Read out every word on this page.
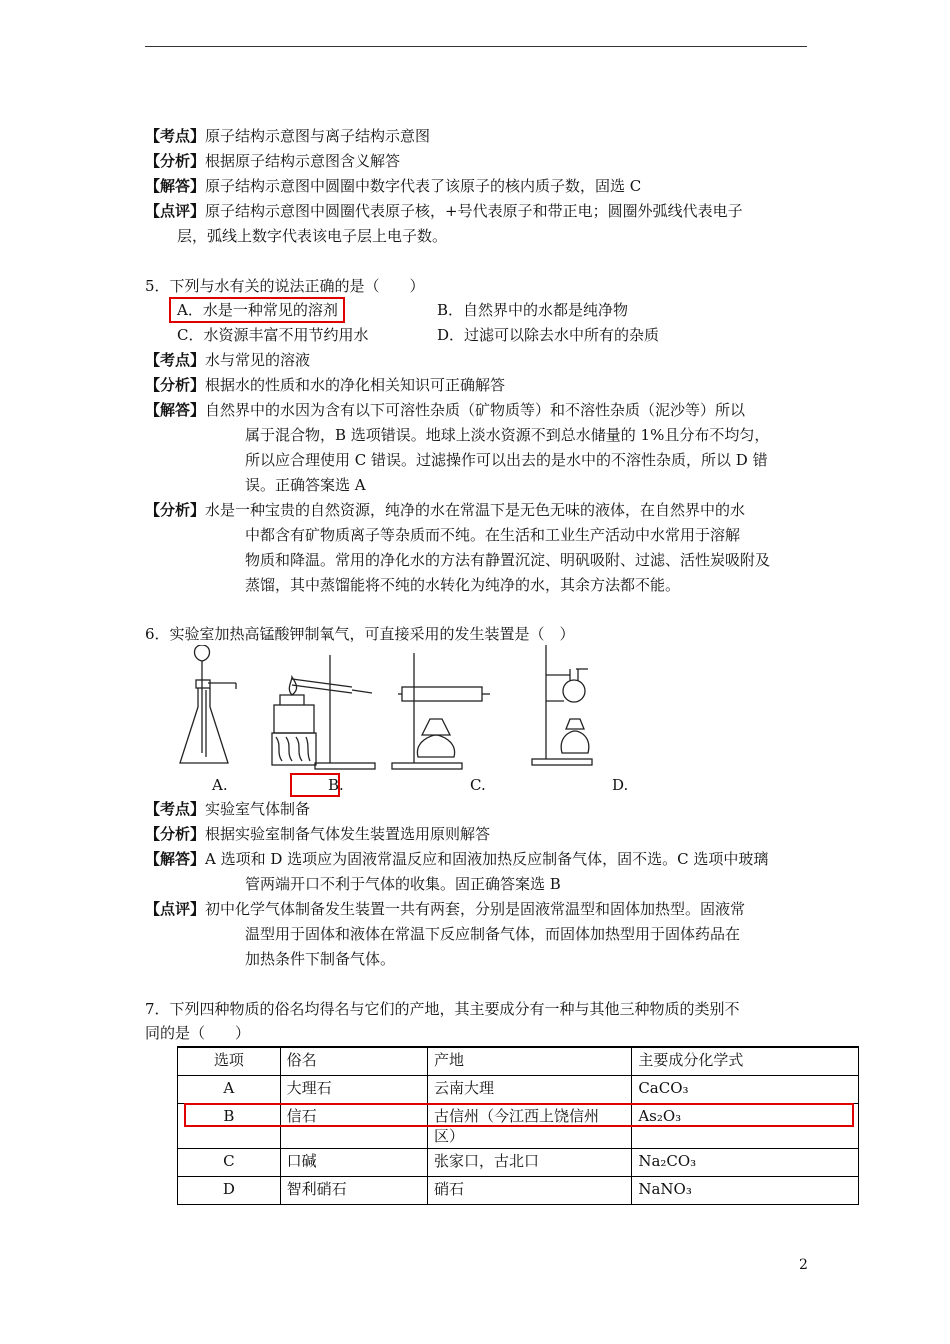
【考点】原子结构示意图与离子结构示意图
【分析】根据原子结构示意图含义解答
【解答】原子结构示意图中圆圈中数字代表了该原子的核内质子数，固选 C
【点评】原子结构示意图中圆圈代表原子核，+号代表原子和带正电；圆圈外弧线代表电子
层，弧线上数字代表该电子层上电子数。
5．下列与水有关的说法正确的是（　　）
A．水是一种常见的溶剂	B．自然界中的水都是纯净物
C．水资源丰富不用节约用水	D．过滤可以除去水中所有的杂质
【考点】水与常见的溶液
【分析】根据水的性质和水的净化相关知识可正确解答
【解答】自然界中的水因为含有以下可溶性杂质（矿物质等）和不溶性杂质（泥沙等）所以
属于混合物，B 选项错误。地球上淡水资源不到总水储量的 1%且分布不均匀，
所以应合理使用 C 错误。过滤操作可以出去的是水中的不溶性杂质，所以 D 错
误。正确答案选 A
【分析】水是一种宝贵的自然资源，纯净的水在常温下是无色无味的液体，在自然界中的水
中都含有矿物质离子等杂质而不纯。在生活和工业生产活动中水常用于溶解
物质和降温。常用的净化水的方法有静置沉淀、明矾吸附、过滤、活性炭吸附及
蒸馏，其中蒸馏能将不纯的水转化为纯净的水，其余方法都不能。
6．实验室加热高锰酸钾制氧气，可直接采用的发生装置是（　）
A.	B.	C.	D.
【考点】实验室气体制备
【分析】根据实验室制备气体发生装置选用原则解答
【解答】A 选项和 D 选项应为固液常温反应和固液加热反应制备气体，固不选。C 选项中玻璃
管两端开口不利于气体的收集。固正确答案选 B
【点评】初中化学气体制备发生装置一共有两套，分别是固液常温型和固体加热型。固液常
温型用于固体和液体在常温下反应制备气体，而固体加热型用于固体药品在
加热条件下制备气体。
7．下列四种物质的俗名均得名与它们的产地，其主要成分有一种与其他三种物质的类别不
同的是（　　）
选项	俗名	产地	主要成分化学式
A	大理石	云南大理	CaCO₃
B	信石	古信州（今江西上饶信州
区）	As₂O₃
C	口碱	张家口，古北口	Na₂CO₃
D	智利硝石	硝石	NaNO₃
2
